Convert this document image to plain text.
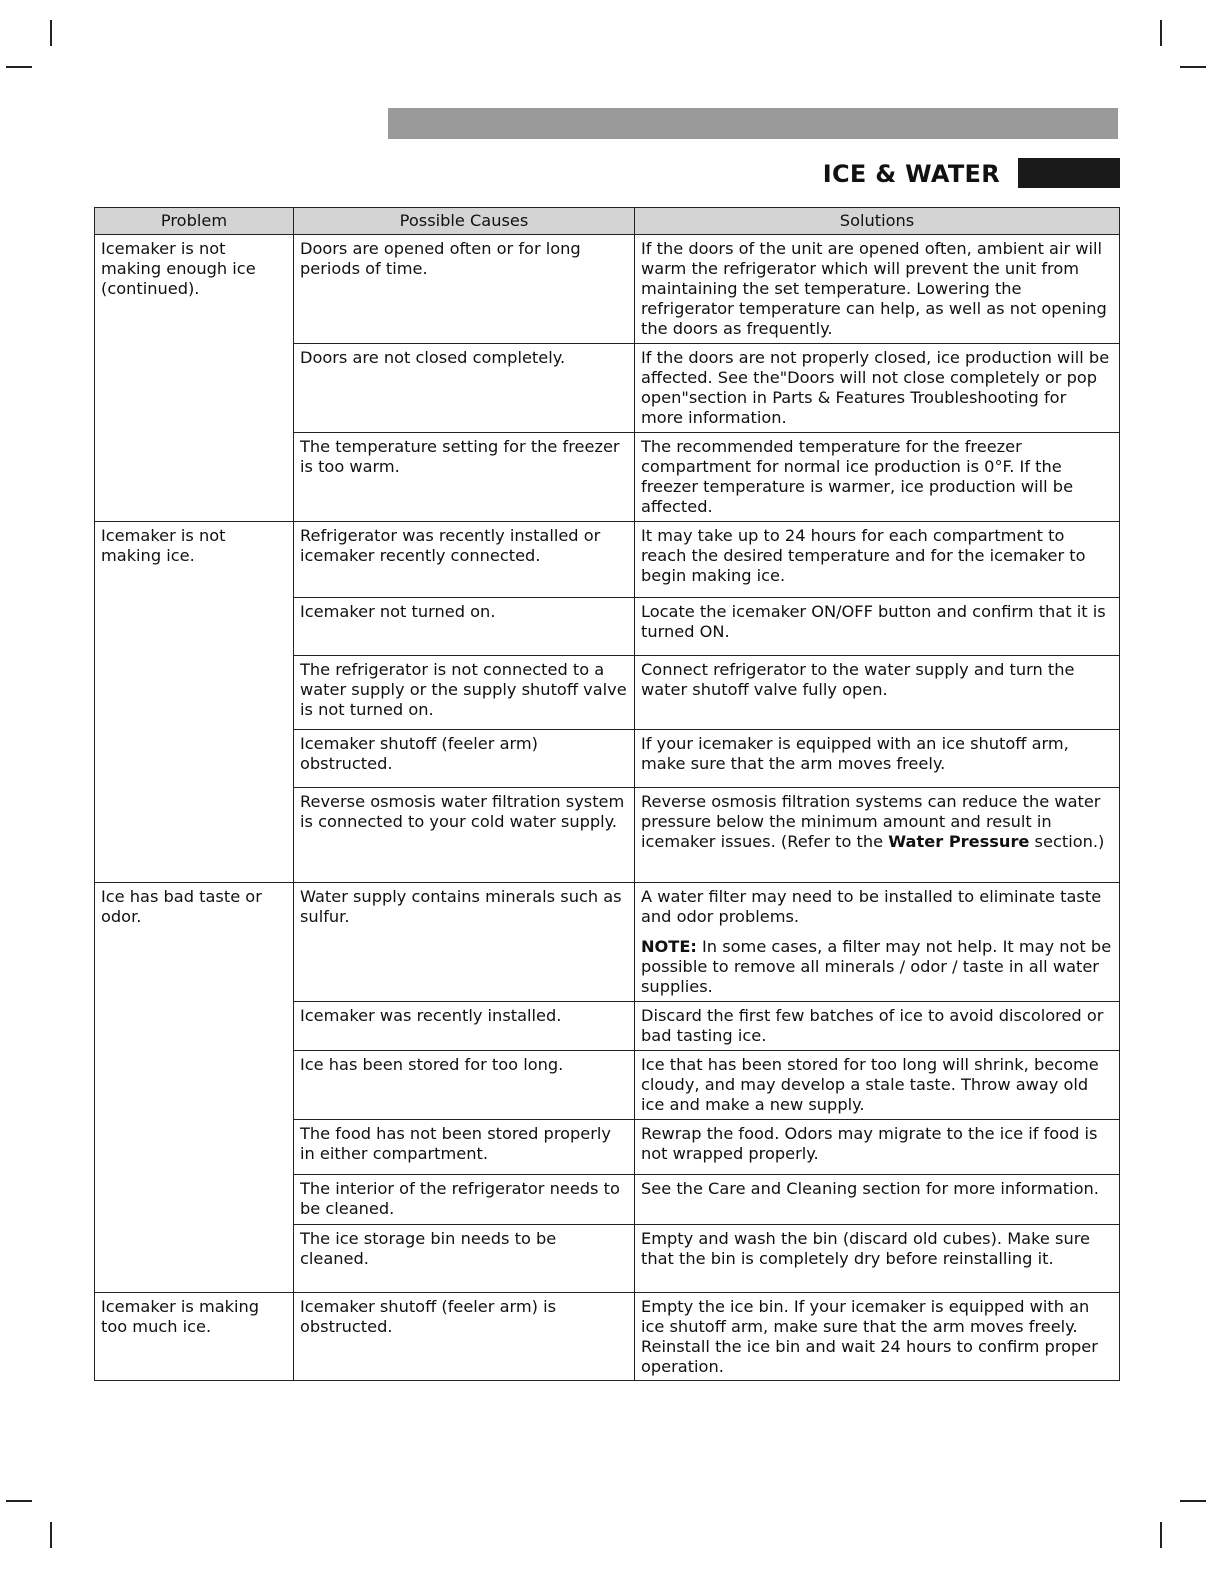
ICE & WATER
Problem	Possible Causes	Solutions
Icemaker is not making enough ice (continued).	Doors are opened often or for long periods of time.	If the doors of the unit are opened often, ambient air will warm the refrigerator which will prevent the unit from maintaining the set temperature. Lowering the refrigerator temperature can help, as well as not opening the doors as frequently.
	Doors are not closed completely.	If the doors are not properly closed, ice production will be affected. See the"Doors will not close completely or pop open"section in Parts & Features Troubleshooting for more information.
	The temperature setting for the freezer is too warm.	The recommended temperature for the freezer compartment for normal ice production is 0°F. If the freezer temperature is warmer, ice production will be affected.
Icemaker is not making ice.	Refrigerator was recently installed or icemaker recently connected.	It may take up to 24 hours for each compartment to reach the desired temperature and for the icemaker to begin making ice.
	Icemaker not turned on.	Locate the icemaker ON/OFF button and confirm that it is turned ON.
	The refrigerator is not connected to a water supply or the supply shutoff valve is not turned on.	Connect refrigerator to the water supply and turn the water shutoff valve fully open.
	Icemaker shutoff (feeler arm) obstructed.	If your icemaker is equipped with an ice shutoff arm, make sure that the arm moves freely.
	Reverse osmosis water filtration system is connected to your cold water supply.	Reverse osmosis filtration systems can reduce the water pressure below the minimum amount and result in icemaker issues. (Refer to the Water Pressure section.)
Ice has bad taste or odor.	Water supply contains minerals such as sulfur.	A water filter may need to be installed to eliminate taste and odor problems.
NOTE: In some cases, a filter may not help. It may not be possible to remove all minerals / odor / taste in all water supplies.

	Icemaker was recently installed.	Discard the first few batches of ice to avoid discolored or bad tasting ice.
	Ice has been stored for too long.	Ice that has been stored for too long will shrink, become cloudy, and may develop a stale taste. Throw away old ice and make a new supply.
	The food has not been stored properly in either compartment.	Rewrap the food. Odors may migrate to the ice if food is not wrapped properly.
	The interior of the refrigerator needs to be cleaned.	See the Care and Cleaning section for more information.
	The ice storage bin needs to be cleaned.	Empty and wash the bin (discard old cubes). Make sure that the bin is completely dry before reinstalling it.
Icemaker is making too much ice.	Icemaker shutoff (feeler arm) is obstructed.	Empty the ice bin. If your icemaker is equipped with an ice shutoff arm, make sure that the arm moves freely. Reinstall the ice bin and wait 24 hours to confirm proper operation.
